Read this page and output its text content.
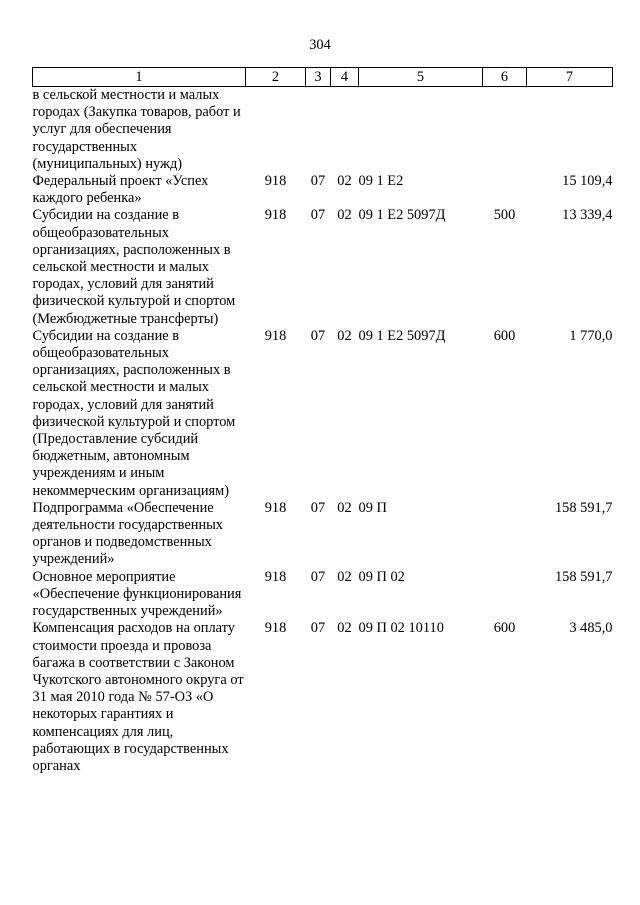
304
1	2	3	4	5	6	7
в сельской местности и малых городах (Закупка товаров, работ и услуг для обеспечения государственных (муниципальных) нужд)						
Федеральный проект «Успех каждого ребенка»	918	07	02	09 1 Е2		15 109,4
Субсидии на создание в общеобразовательных организациях, расположенных в сельской местности и малых городах, условий для занятий физической культурой и спортом (Межбюджетные трансферты)	918	07	02	09 1 Е2 5097Д	500	13 339,4
Субсидии на создание в общеобразовательных организациях, расположенных в сельской местности и малых городах, условий для занятий физической культурой и спортом (Предоставление субсидий бюджетным, автономным учреждениям и иным некоммерческим организациям)	918	07	02	09 1 Е2 5097Д	600	1 770,0
Подпрограмма «Обеспечение деятельности государственных органов и подведомственных учреждений»	918	07	02	09 П		158 591,7
Основное мероприятие «Обеспечение функционирования государственных учреждений»	918	07	02	09 П 02		158 591,7
Компенсация расходов на оплату стоимости проезда и провоза багажа в соответствии с Законом Чукотского автономного округа от 31 мая 2010 года № 57-ОЗ «О некоторых гарантиях и компенсациях для лиц, работающих в государственных органах	918	07	02	09 П 02 10110	600	3 485,0
